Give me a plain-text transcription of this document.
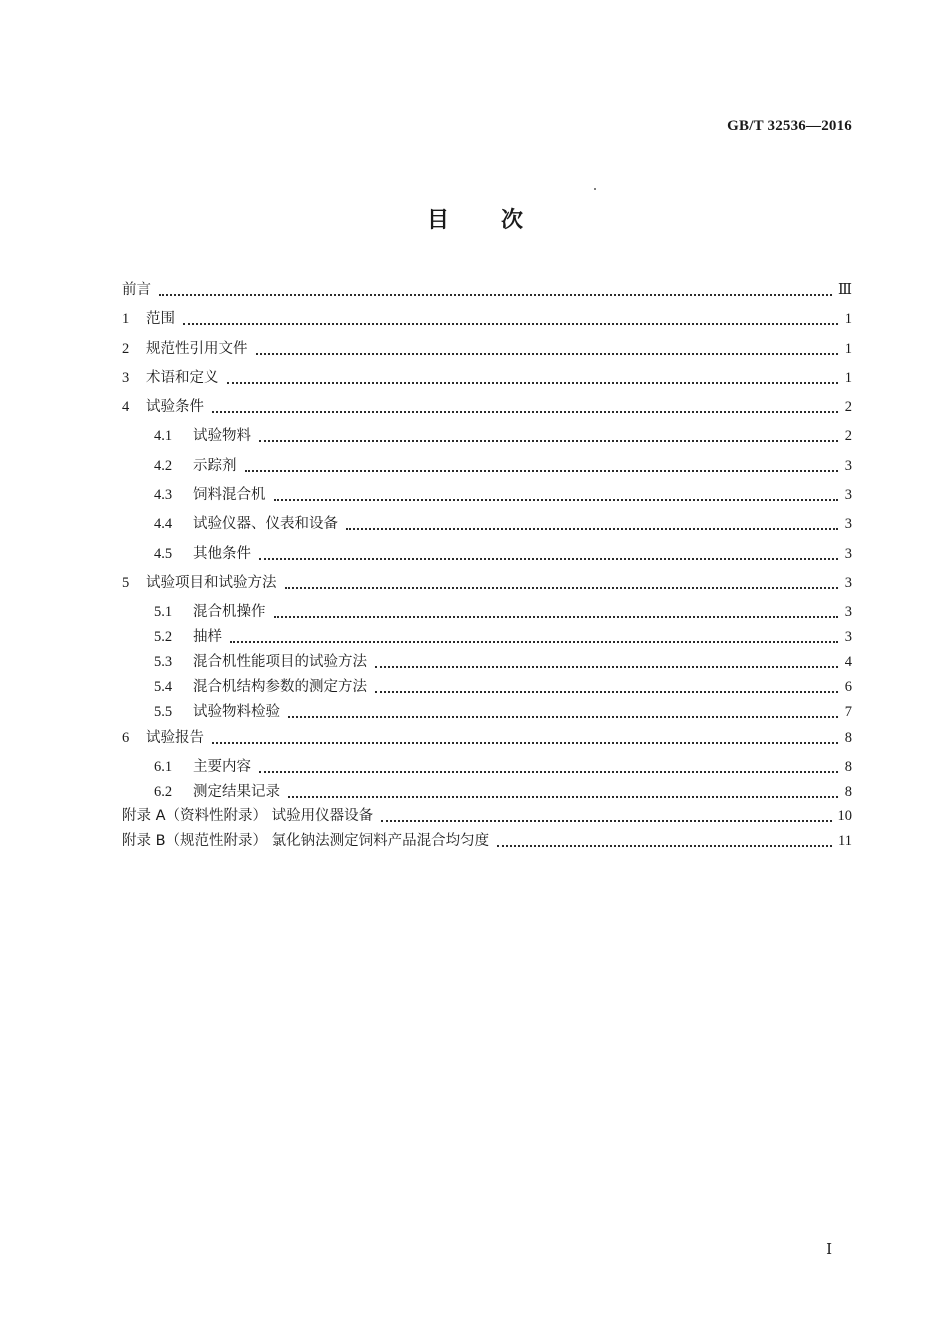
GB/T 32536—2016
目次
前言	Ⅲ
1	范围	1
2	规范性引用文件	1
3	术语和定义	1
4	试验条件	2
4.1	试验物料	2
4.2	示踪剂	3
4.3	饲料混合机	3
4.4	试验仪器、仪表和设备	3
4.5	其他条件	3
5	试验项目和试验方法	3
5.1	混合机操作	3
5.2	抽样	3
5.3	混合机性能项目的试验方法	4
5.4	混合机结构参数的测定方法	6
5.5	试验物料检验	7
6	试验报告	8
6.1	主要内容	8
6.2	测定结果记录	8
附录 A（资料性附录） 试验用仪器设备	10
附录 B（规范性附录） 氯化钠法测定饲料产品混合均匀度	11
Ⅰ
